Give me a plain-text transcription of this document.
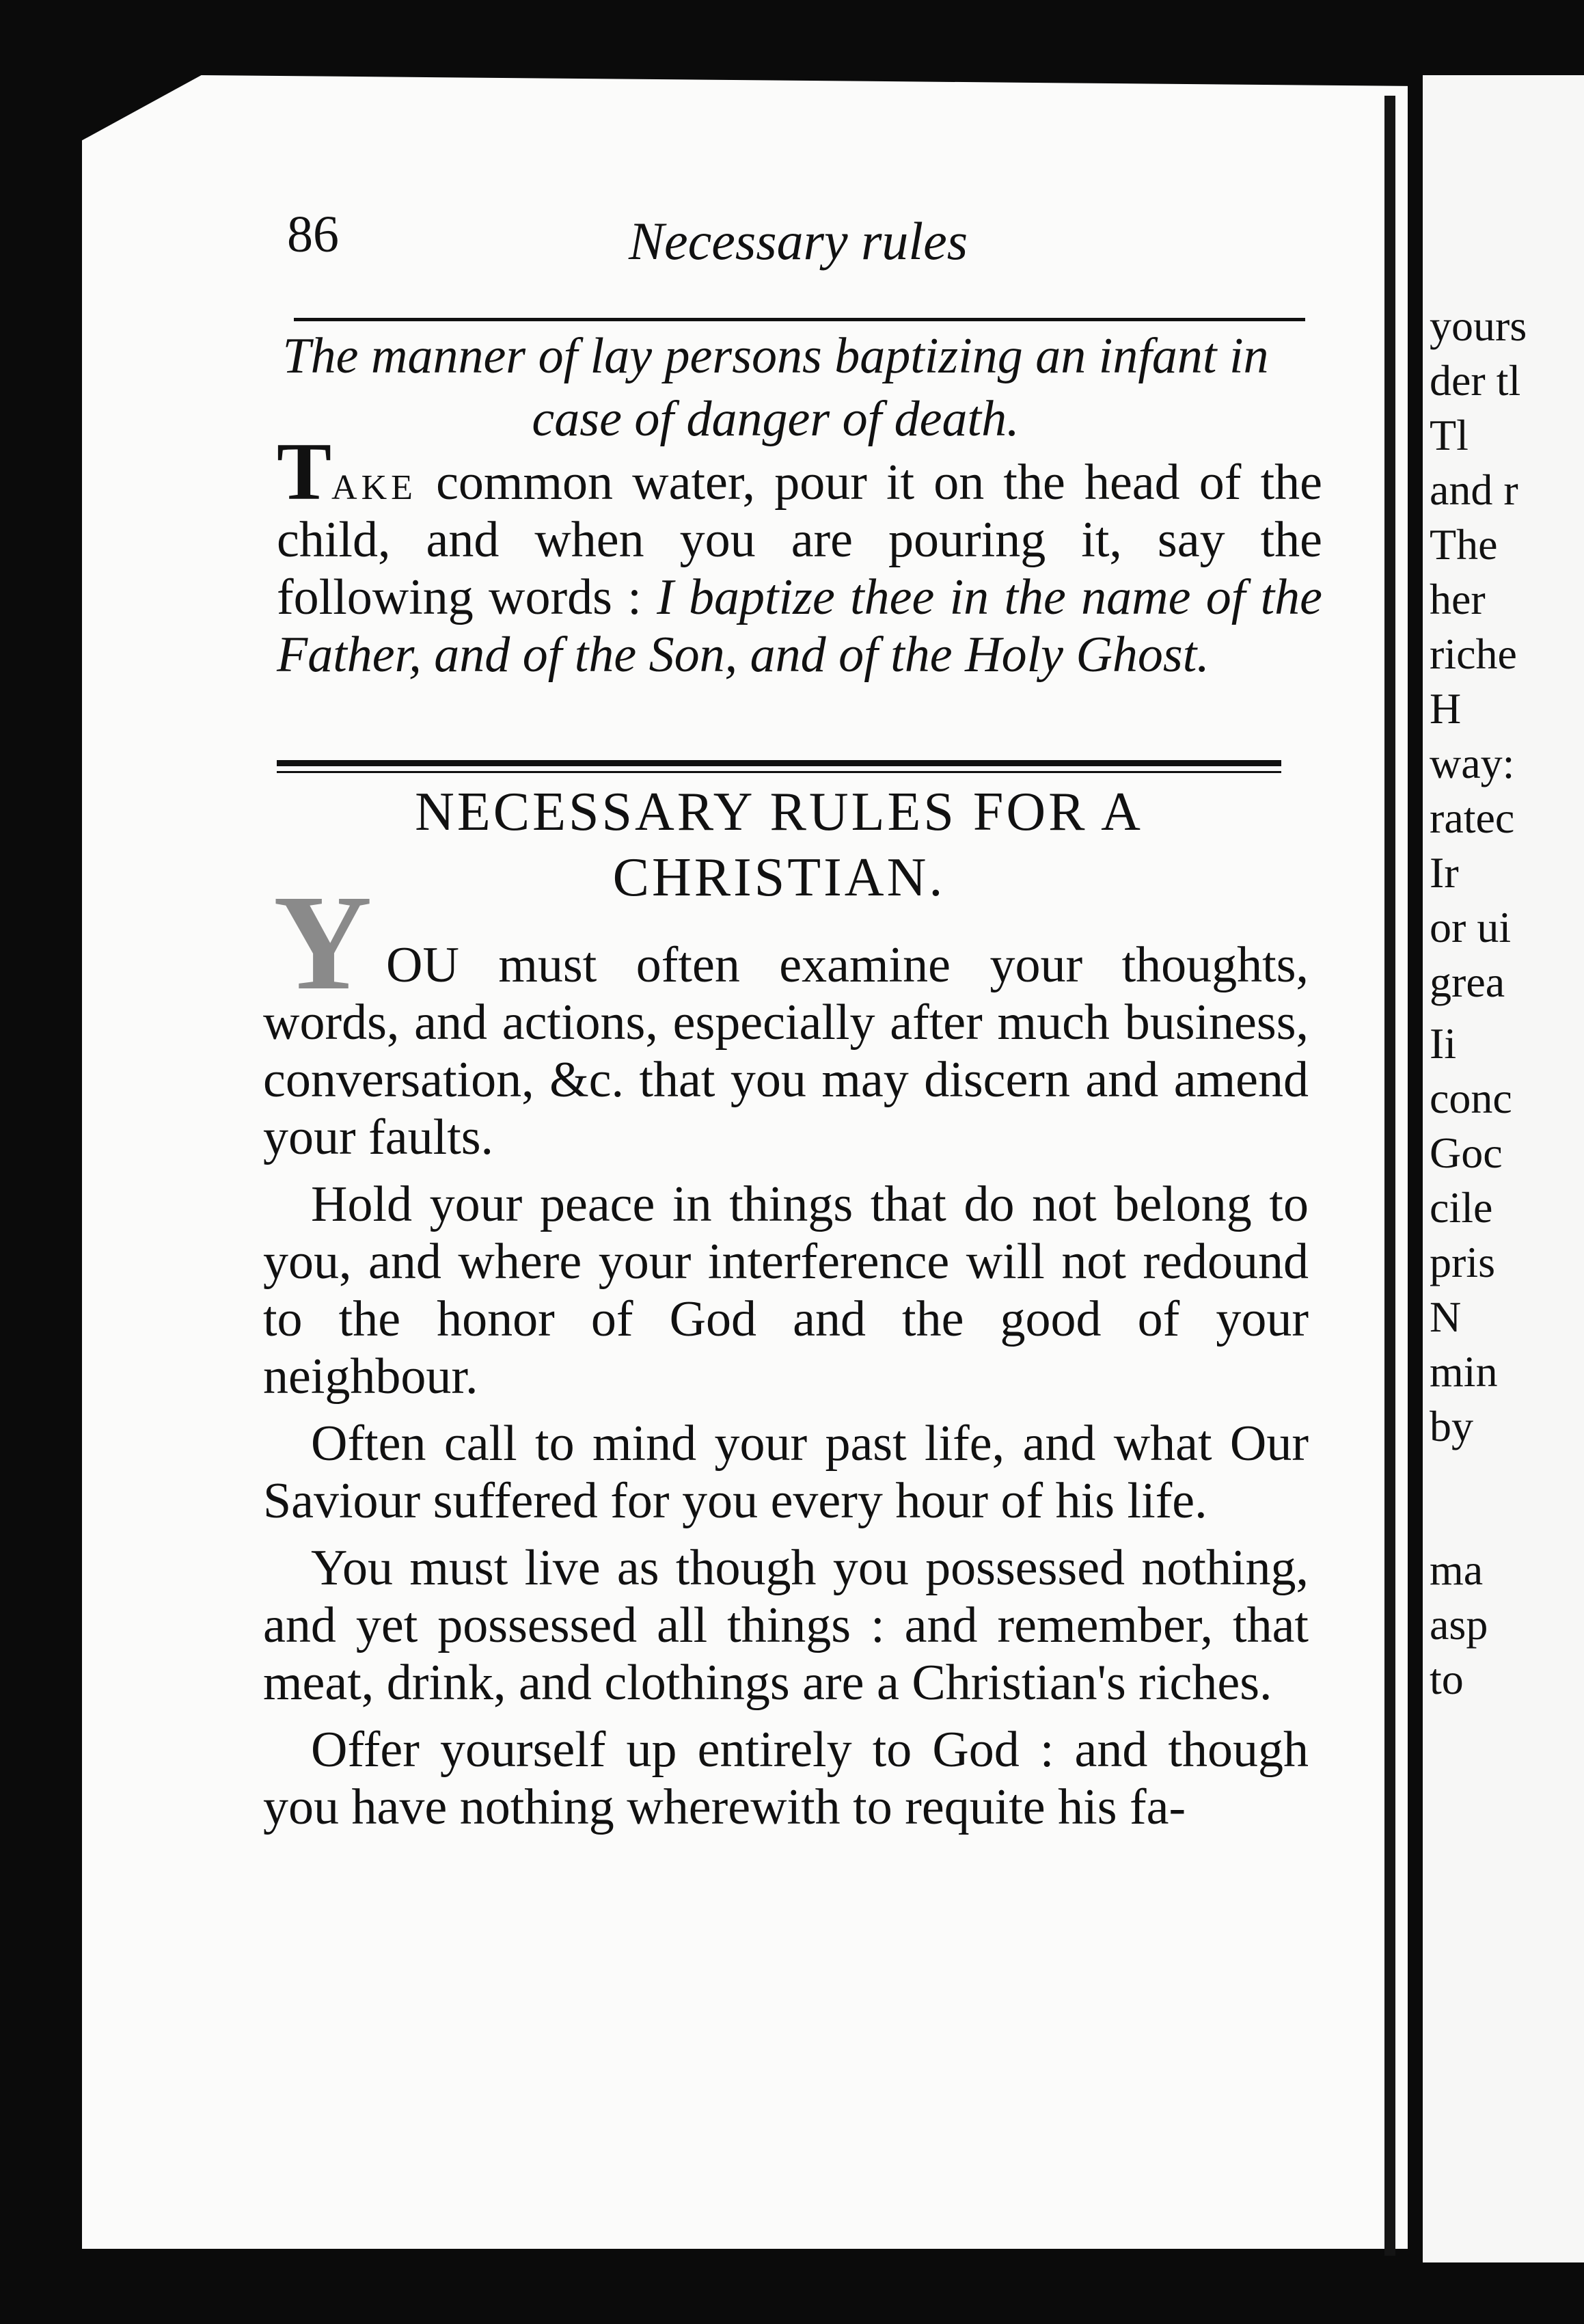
yours
der tl
Tl
and r
The
her
riche
H
way:
ratec
Ir
or ui
grea
Ii
conc
Goc
cile
pris
N
min
by
ma
asp
to
86	Necessary rules
The manner of lay persons baptizing an infant in case of danger of death.
Take common water, pour it on the head of the child, and when you are pouring it, say the following words : I baptize thee in the name of the Father, and of the Son, and of the Holy Ghost.
NECESSARY RULES FOR A
CHRISTIAN.
Y OU must often examine your thoughts, words, and actions, especially after much business, conversation, &c. that you may discern and amend your faults.

Hold your peace in things that do not belong to you, and where your interference will not redound to the honor of God and the good of your neighbour.

Often call to mind your past life, and what Our Saviour suffered for you every hour of his life.

You must live as though you possessed nothing, and yet possessed all things : and remember, that meat, drink, and clothings are a Christian's riches.

Offer yourself up entirely to God : and though you have nothing wherewith to requite his fa-
